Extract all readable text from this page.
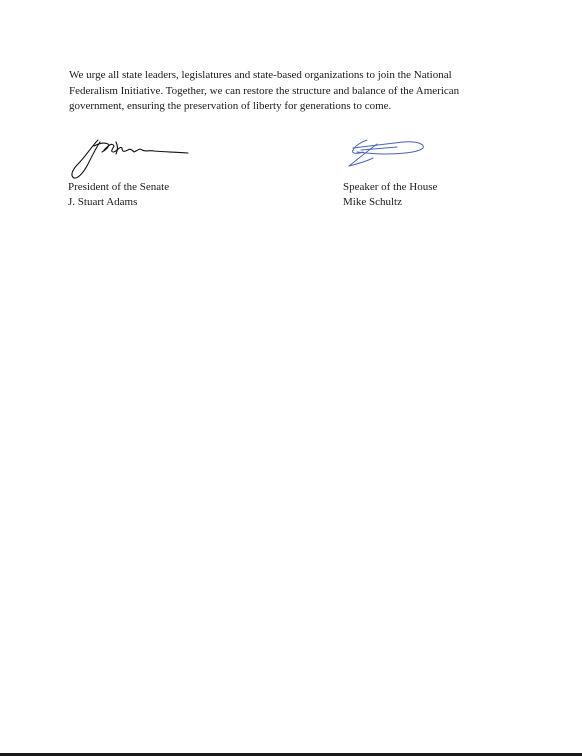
We urge all state leaders, legislatures and state-based organizations to join the National Federalism Initiative. Together, we can restore the structure and balance of the American government, ensuring the preservation of liberty for generations to come.

President of the Senate
J. Stuart Adams
Speaker of the House
Mike Schultz
